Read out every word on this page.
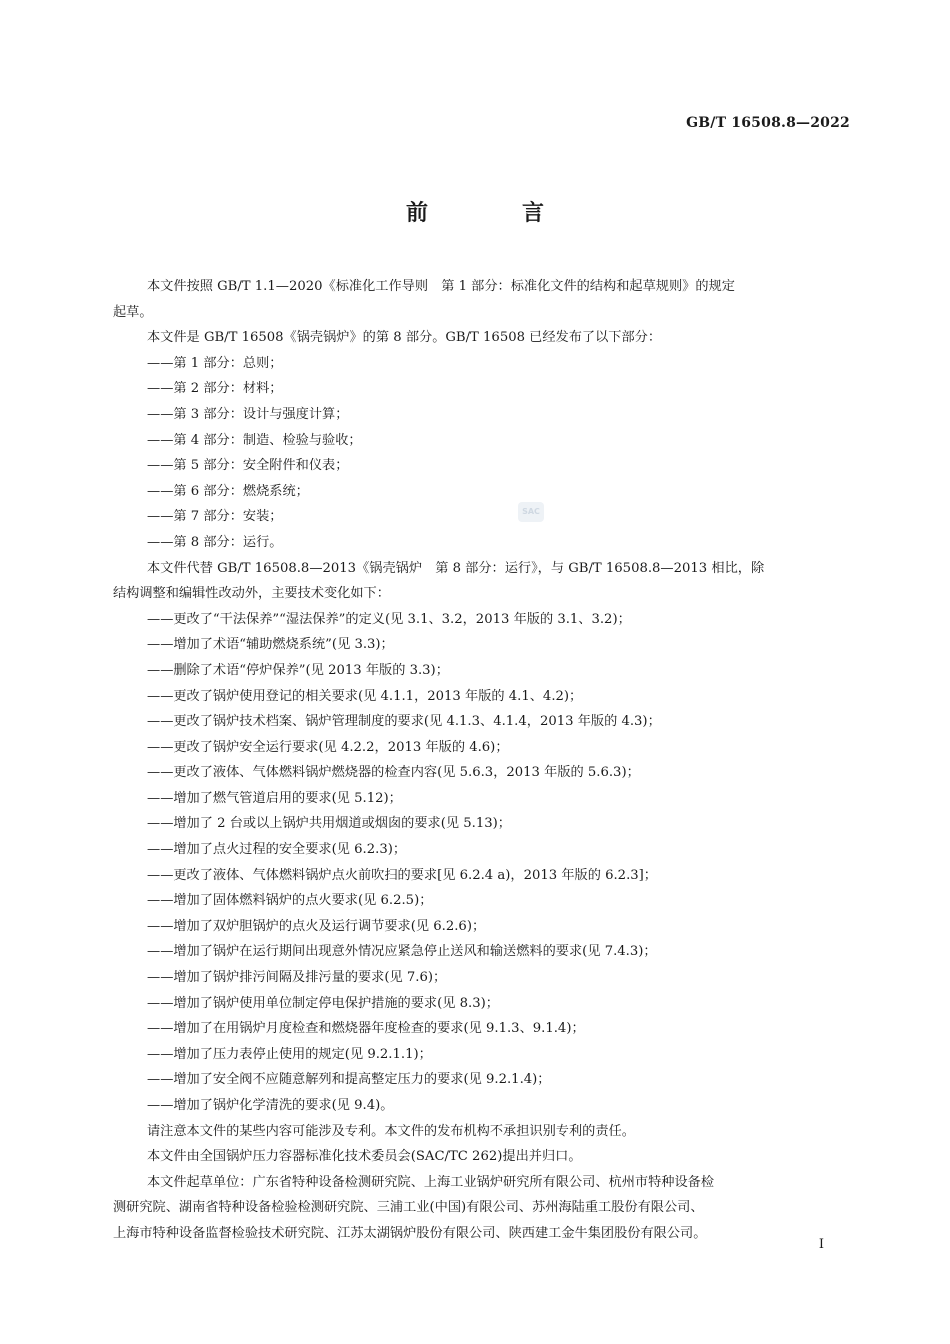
GB/T 16508.8—2022
前　言
本文件按照 GB/T 1.1—2020《标准化工作导则　第 1 部分：标准化文件的结构和起草规则》的规定
起草。
本文件是 GB/T 16508《锅壳锅炉》的第 8 部分。GB/T 16508 已经发布了以下部分：
——第 1 部分：总则；
——第 2 部分：材料；
——第 3 部分：设计与强度计算；
——第 4 部分：制造、检验与验收；
——第 5 部分：安全附件和仪表；
——第 6 部分：燃烧系统；
——第 7 部分：安装；
——第 8 部分：运行。
本文件代替 GB/T 16508.8—2013《锅壳锅炉　第 8 部分：运行》，与 GB/T 16508.8—2013 相比，除
结构调整和编辑性改动外，主要技术变化如下：
——更改了“干法保养”“湿法保养”的定义(见 3.1、3.2，2013 年版的 3.1、3.2)；
——增加了术语“辅助燃烧系统”(见 3.3)；
——删除了术语“停炉保养”(见 2013 年版的 3.3)；
——更改了锅炉使用登记的相关要求(见 4.1.1，2013 年版的 4.1、4.2)；
——更改了锅炉技术档案、锅炉管理制度的要求(见 4.1.3、4.1.4，2013 年版的 4.3)；
——更改了锅炉安全运行要求(见 4.2.2，2013 年版的 4.6)；
——更改了液体、气体燃料锅炉燃烧器的检查内容(见 5.6.3，2013 年版的 5.6.3)；
——增加了燃气管道启用的要求(见 5.12)；
——增加了 2 台或以上锅炉共用烟道或烟囱的要求(见 5.13)；
——增加了点火过程的安全要求(见 6.2.3)；
——更改了液体、气体燃料锅炉点火前吹扫的要求[见 6.2.4 a)，2013 年版的 6.2.3]；
——增加了固体燃料锅炉的点火要求(见 6.2.5)；
——增加了双炉胆锅炉的点火及运行调节要求(见 6.2.6)；
——增加了锅炉在运行期间出现意外情况应紧急停止送风和输送燃料的要求(见 7.4.3)；
——增加了锅炉排污间隔及排污量的要求(见 7.6)；
——增加了锅炉使用单位制定停电保护措施的要求(见 8.3)；
——增加了在用锅炉月度检查和燃烧器年度检查的要求(见 9.1.3、9.1.4)；
——增加了压力表停止使用的规定(见 9.2.1.1)；
——增加了安全阀不应随意解列和提高整定压力的要求(见 9.2.1.4)；
——增加了锅炉化学清洗的要求(见 9.4)。
请注意本文件的某些内容可能涉及专利。本文件的发布机构不承担识别专利的责任。
本文件由全国锅炉压力容器标准化技术委员会(SAC/TC 262)提出并归口。
本文件起草单位：广东省特种设备检测研究院、上海工业锅炉研究所有限公司、杭州市特种设备检
测研究院、湖南省特种设备检验检测研究院、三浦工业(中国)有限公司、苏州海陆重工股份有限公司、
上海市特种设备监督检验技术研究院、江苏太湖锅炉股份有限公司、陕西建工金牛集团股份有限公司。
SAC
I
